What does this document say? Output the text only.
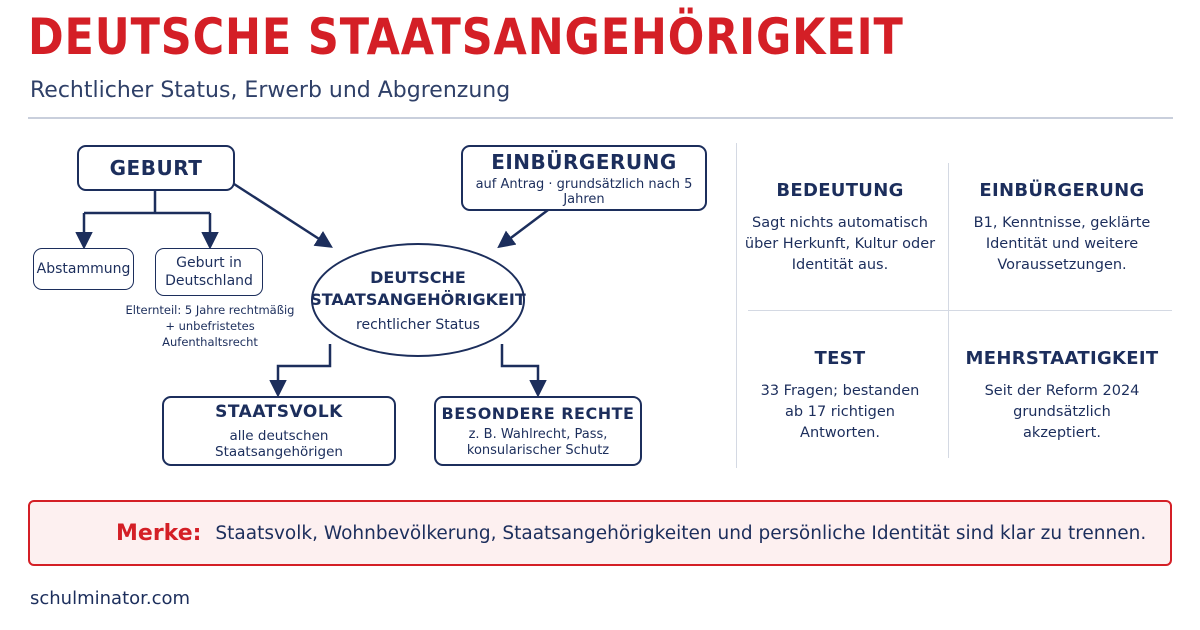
DEUTSCHE STAATSANGEHÖRIGKEIT
Rechtlicher Status, Erwerb und Abgrenzung
GEBURT	EINBÜRGERUNG
auf Antrag · grundsätzlich nach 5 Jahren
Abstammung	Geburt in
Deutschland
Elternteil: 5 Jahre rechtmäßig
+ unbefristetes Aufenthaltsrecht
DEUTSCHE
STAATSANGEHÖRIGKEIT
rechtlicher Status
STAATSVOLK
alle deutschen Staatsangehörigen
BESONDERE RECHTE
z. B. Wahlrecht, Pass,
konsularischer Schutz
BEDEUTUNG
Sagt nichts automatisch
über Herkunft, Kultur oder
Identität aus.
EINBÜRGERUNG
B1, Kenntnisse, geklärte
Identität und weitere
Voraussetzungen.
TEST
33 Fragen; bestanden
ab 17 richtigen
Antworten.
MEHRSTAATIGKEIT
Seit der Reform 2024
grundsätzlich
akzeptiert.
Merke: Staatsvolk, Wohnbevölkerung, Staatsangehörigkeiten und persönliche Identität sind klar zu trennen.
schulminator.com
